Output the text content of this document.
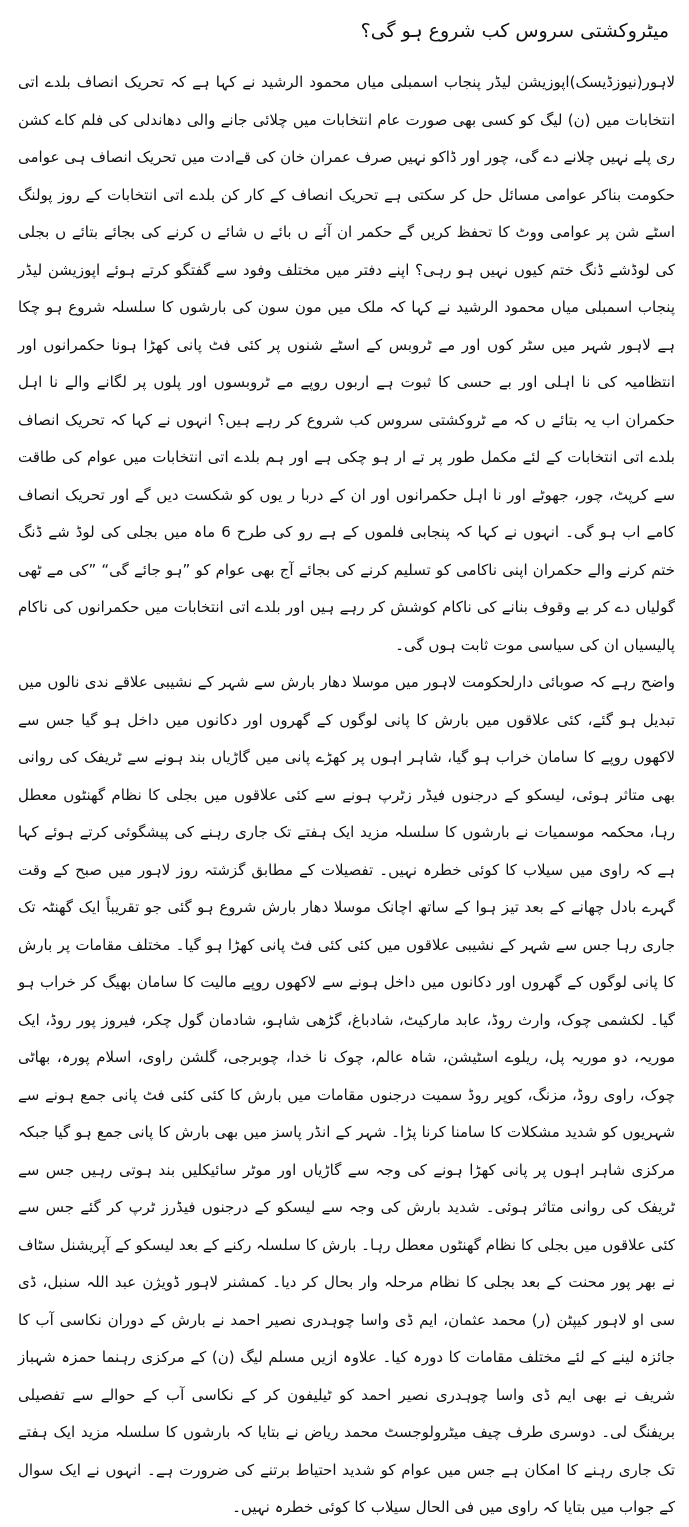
میٹروکشتی سروس کب شروع ہو گی؟

لاہور(نیوزڈیسک)اپوزیشن لیڈر پنجاب اسمبلی میاں محمود الرشید نے کہا ہے کہ تحریک انصاف بلدے اتی انتخابات میں (ن) لیگ کو کسی بھی صورت عام انتخابات میں چلائی جانے والی دھاندلی کی فلم کاے کشن ری پلے نہیں چلانے دے گی، چور اور ڈاکو نہیں صرف عمران خان کی قےادت میں تحریک انصاف ہی عوامی حکومت بناکر عوامی مسائل حل کر سکتی ہے تحریک انصاف کے کار کن بلدے اتی انتخابات کے روز پولنگ اسٹے شن پر عوامی ووٹ کا تحفظ کریں گے حکمر ان آئے ں بائے ں شائے ں کرنے کی بجائے بتائے ں بجلی کی لوڈشے ڈنگ ختم کیوں نہیں ہو رہی؟ اپنے دفتر میں مختلف وفود سے گفتگو کرتے ہوئے اپوزیشن لیڈر پنجاب اسمبلی میاں محمود الرشید نے کہا کہ ملک میں مون سون کی بارشوں کا سلسلہ شروع ہو چکا ہے لاہور شہر میں سٹر کوں اور مے ٹروبس کے اسٹے شنوں پر کئی فٹ پانی کھڑا ہونا حکمرانوں اور انتظامیہ کی نا اہلی اور بے حسی کا ثبوت ہے اربوں روپے مے ٹروبسوں اور پلوں پر لگانے والے نا اہل حکمران اب یہ بتائے ں کہ مے ٹروکشتی سروس کب شروع کر رہے ہیں؟ انہوں نے کہا کہ تحریک انصاف بلدے اتی انتخابات کے لئے مکمل طور پر تے ار ہو چکی ہے اور ہم بلدے اتی انتخابات میں عوام کی طاقت سے کرپٹ، چور، جھوٹے اور نا اہل حکمرانوں اور ان کے دربا ر یوں کو شکست دیں گے اور تحریک انصاف کامے اب ہو گی۔ انہوں نے کہا کہ پنجابی فلموں کے ہے رو کی طرح 6 ماہ میں بجلی کی لوڈ شے ڈنگ ختم کرنے والے حکمران اپنی ناکامی کو تسلیم کرنے کی بجائے آج بھی عوام کو ”ہو جائے گی“ ”کی مے ٹھی گولیاں دے کر بے وقوف بنانے کی ناکام کوشش کر رہے ہیں اور بلدے اتی انتخابات میں حکمرانوں کی ناکام پالیسیاں ان کی سیاسی موت ثابت ہوں گی۔

واضح رہے کہ صوبائی دارلحکومت لاہور میں موسلا دھار بارش سے شہر کے نشیبی علاقے ندی نالوں میں تبدیل ہو گئے، کئی علاقوں میں بارش کا پانی لوگوں کے گھروں اور دکانوں میں داخل ہو گیا جس سے لاکھوں روپے کا سامان خراب ہو گیا، شاہر اہوں پر کھڑے پانی میں گاڑیاں بند ہونے سے ٹریفک کی روانی بھی متاثر ہوئی، لیسکو کے درجنوں فیڈر زٹرپ ہونے سے کئی علاقوں میں بجلی کا نظام گھنٹوں معطل رہا، محکمہ موسمیات نے بارشوں کا سلسلہ مزید ایک ہفتے تک جاری رہنے کی پیشگوئی کرتے ہوئے کہا ہے کہ راوی میں سیلاب کا کوئی خطرہ نہیں۔ تفصیلات کے مطابق گزشتہ روز لاہور میں صبح کے وقت گہرے بادل چھانے کے بعد تیز ہوا کے ساتھ اچانک موسلا دھار بارش شروع ہو گئی جو تقریباً ایک گھنٹہ تک جاری رہا جس سے شہر کے نشیبی علاقوں میں کئی کئی فٹ پانی کھڑا ہو گیا۔ مختلف مقامات پر بارش کا پانی لوگوں کے گھروں اور دکانوں میں داخل ہونے سے لاکھوں روپے مالیت کا سامان بھیگ کر خراب ہو گیا۔ لکشمی چوک، وارث روڈ، عابد مارکیٹ، شادباغ، گڑھی شاہو، شادمان گول چکر، فیروز پور روڈ، ایک موریہ، دو موریہ پل، ریلوے اسٹیشن، شاہ عالم، چوک نا خدا، چوبرجی، گلشن راوی، اسلام پورہ، بھاٹی چوک، راوی روڈ، مزنگ، کوپر روڈ سمیت درجنوں مقامات میں بارش کا کئی کئی فٹ پانی جمع ہونے سے شہریوں کو شدید مشکلات کا سامنا کرنا پڑا۔ شہر کے انڈر پاسز میں بھی بارش کا پانی جمع ہو گیا جبکہ مرکزی شاہر اہوں پر پانی کھڑا ہونے کی وجہ سے گاڑیاں اور موٹر سائیکلیں بند ہوتی رہیں جس سے ٹریفک کی روانی متاثر ہوئی۔ شدید بارش کی وجہ سے لیسکو کے درجنوں فیڈرز ٹرپ کر گئے جس سے کئی علاقوں میں بجلی کا نظام گھنٹوں معطل رہا۔ بارش کا سلسلہ رکنے کے بعد لیسکو کے آپریشنل سٹاف نے بھر پور محنت کے بعد بجلی کا نظام مرحلہ وار بحال کر دیا۔ کمشنر لاہور ڈویژن عبد اللہ سنبل، ڈی سی او لاہور کیپٹن (ر) محمد عثمان، ایم ڈی واسا چوہدری نصیر احمد نے بارش کے دوران نکاسی آب کا جائزہ لینے کے لئے مختلف مقامات کا دورہ کیا۔ علاوہ ازیں مسلم لیگ (ن) کے مرکزی رہنما حمزہ شہباز شریف نے بھی ایم ڈی واسا چوہدری نصیر احمد کو ٹیلیفون کر کے نکاسی آب کے حوالے سے تفصیلی بریفنگ لی۔ دوسری طرف چیف میٹرولوجسٹ محمد ریاض نے بتایا کہ بارشوں کا سلسلہ مزید ایک ہفتے تک جاری رہنے کا امکان ہے جس میں عوام کو شدید احتیاط برتنے کی ضرورت ہے۔ انہوں نے ایک سوال کے جواب میں بتایا کہ راوی میں فی الحال سیلاب کا کوئی خطرہ نہیں۔
